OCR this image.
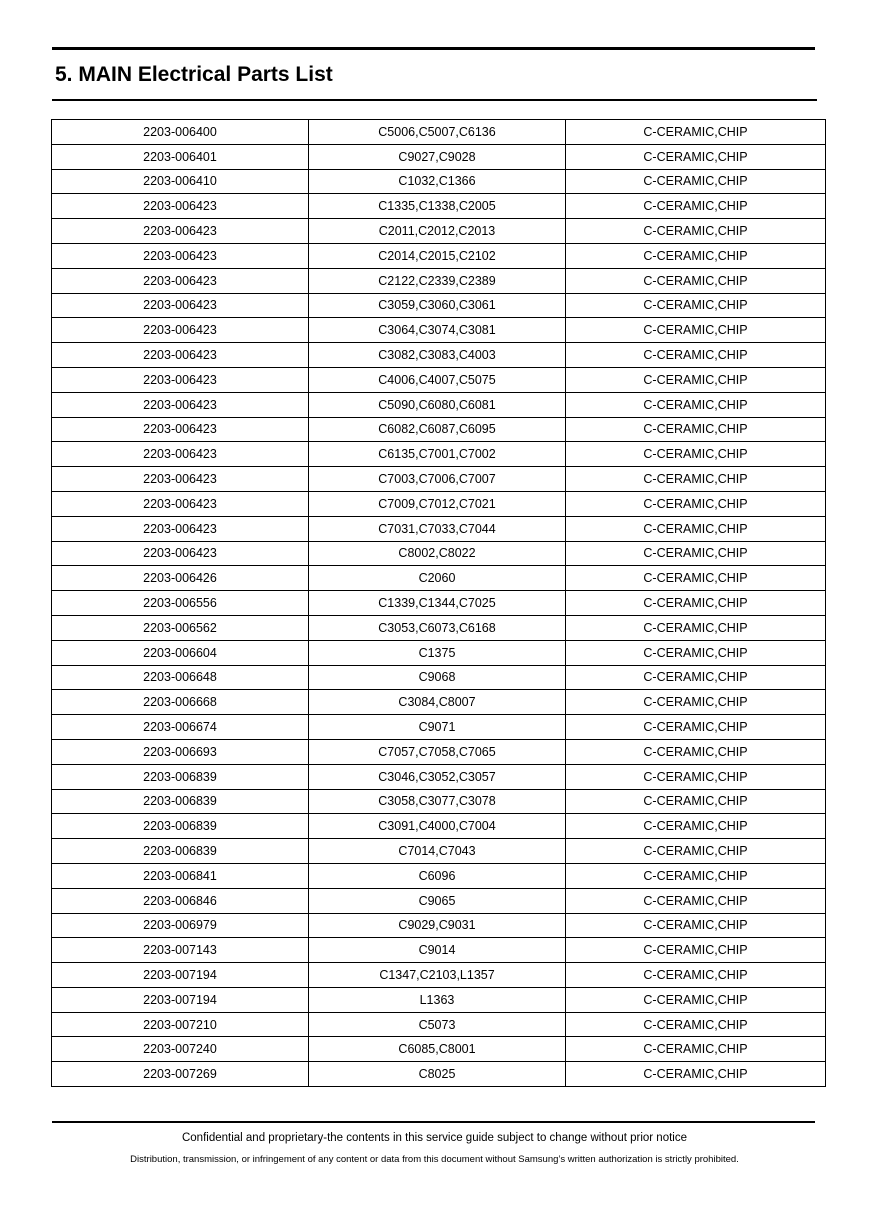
5. MAIN Electrical Parts List
2203-006400	C5006,C5007,C6136	C-CERAMIC,CHIP
2203-006401	C9027,C9028	C-CERAMIC,CHIP
2203-006410	C1032,C1366	C-CERAMIC,CHIP
2203-006423	C1335,C1338,C2005	C-CERAMIC,CHIP
2203-006423	C2011,C2012,C2013	C-CERAMIC,CHIP
2203-006423	C2014,C2015,C2102	C-CERAMIC,CHIP
2203-006423	C2122,C2339,C2389	C-CERAMIC,CHIP
2203-006423	C3059,C3060,C3061	C-CERAMIC,CHIP
2203-006423	C3064,C3074,C3081	C-CERAMIC,CHIP
2203-006423	C3082,C3083,C4003	C-CERAMIC,CHIP
2203-006423	C4006,C4007,C5075	C-CERAMIC,CHIP
2203-006423	C5090,C6080,C6081	C-CERAMIC,CHIP
2203-006423	C6082,C6087,C6095	C-CERAMIC,CHIP
2203-006423	C6135,C7001,C7002	C-CERAMIC,CHIP
2203-006423	C7003,C7006,C7007	C-CERAMIC,CHIP
2203-006423	C7009,C7012,C7021	C-CERAMIC,CHIP
2203-006423	C7031,C7033,C7044	C-CERAMIC,CHIP
2203-006423	C8002,C8022	C-CERAMIC,CHIP
2203-006426	C2060	C-CERAMIC,CHIP
2203-006556	C1339,C1344,C7025	C-CERAMIC,CHIP
2203-006562	C3053,C6073,C6168	C-CERAMIC,CHIP
2203-006604	C1375	C-CERAMIC,CHIP
2203-006648	C9068	C-CERAMIC,CHIP
2203-006668	C3084,C8007	C-CERAMIC,CHIP
2203-006674	C9071	C-CERAMIC,CHIP
2203-006693	C7057,C7058,C7065	C-CERAMIC,CHIP
2203-006839	C3046,C3052,C3057	C-CERAMIC,CHIP
2203-006839	C3058,C3077,C3078	C-CERAMIC,CHIP
2203-006839	C3091,C4000,C7004	C-CERAMIC,CHIP
2203-006839	C7014,C7043	C-CERAMIC,CHIP
2203-006841	C6096	C-CERAMIC,CHIP
2203-006846	C9065	C-CERAMIC,CHIP
2203-006979	C9029,C9031	C-CERAMIC,CHIP
2203-007143	C9014	C-CERAMIC,CHIP
2203-007194	C1347,C2103,L1357	C-CERAMIC,CHIP
2203-007194	L1363	C-CERAMIC,CHIP
2203-007210	C5073	C-CERAMIC,CHIP
2203-007240	C6085,C8001	C-CERAMIC,CHIP
2203-007269	C8025	C-CERAMIC,CHIP
Confidential and proprietary-the contents in this service guide subject to change without prior notice
Distribution, transmission, or infringement of any content or data from this document without Samsung’s written authorization is strictly prohibited.
